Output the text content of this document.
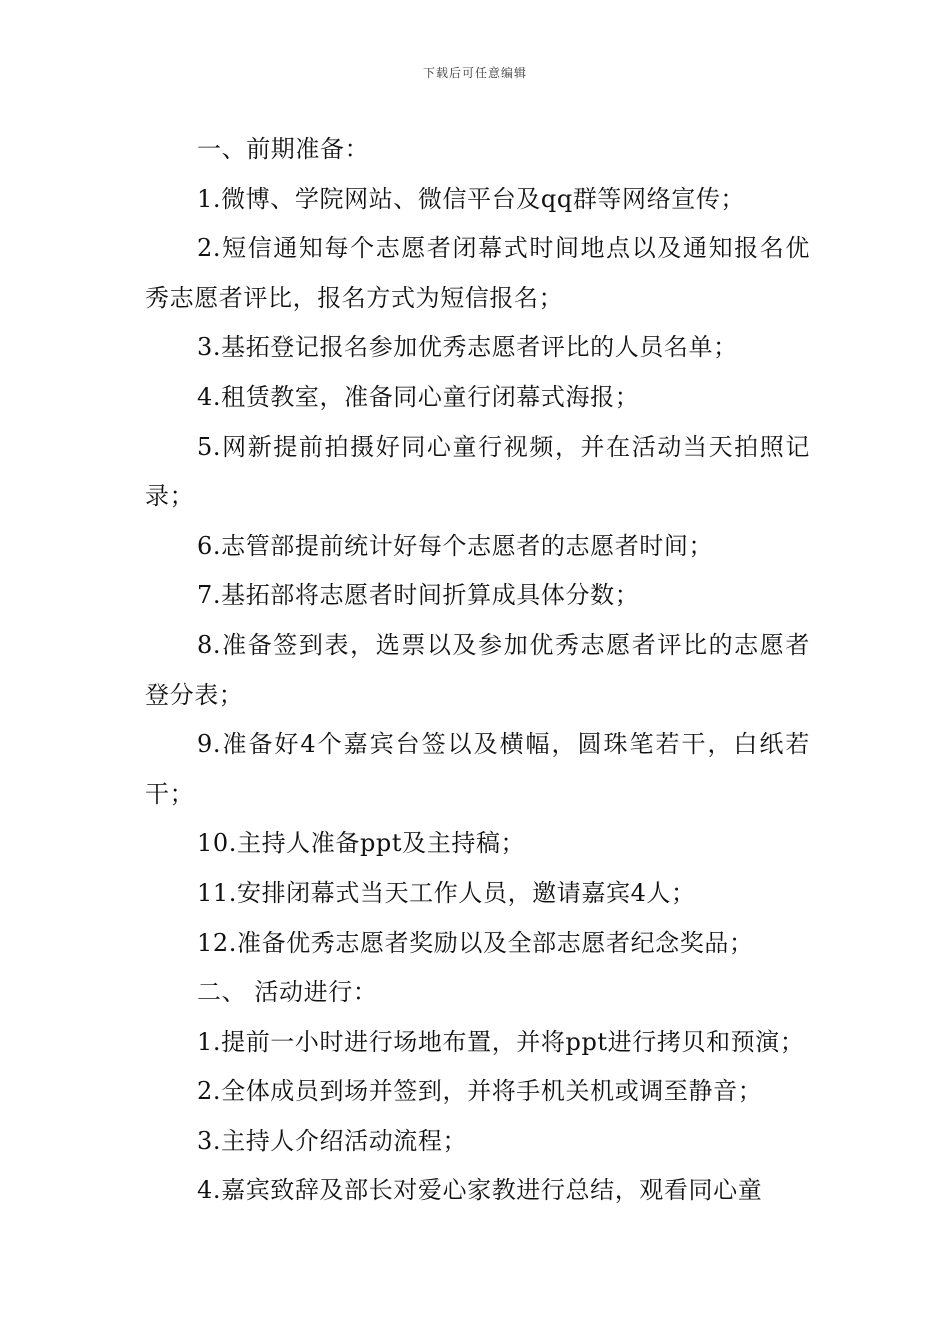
下载后可任意编辑

一、前期准备：

1.微博、学院网站、微信平台及qq群等网络宣传；

2.短信通知每个志愿者闭幕式时间地点以及通知报名优秀志愿者评比，报名方式为短信报名；

3.基拓登记报名参加优秀志愿者评比的人员名单；

4.租赁教室，准备同心童行闭幕式海报；

5.网新提前拍摄好同心童行视频，并在活动当天拍照记录；

6.志管部提前统计好每个志愿者的志愿者时间；

7.基拓部将志愿者时间折算成具体分数；

8.准备签到表，选票以及参加优秀志愿者评比的志愿者登分表；

9.准备好4个嘉宾台签以及横幅，圆珠笔若干，白纸若干；

10.主持人准备ppt及主持稿；

11.安排闭幕式当天工作人员，邀请嘉宾4人；

12.准备优秀志愿者奖励以及全部志愿者纪念奖品；

二、 活动进行：

1.提前一小时进行场地布置，并将ppt进行拷贝和预演；

2.全体成员到场并签到，并将手机关机或调至静音；

3.主持人介绍活动流程；

4.嘉宾致辞及部长对爱心家教进行总结，观看同心童
